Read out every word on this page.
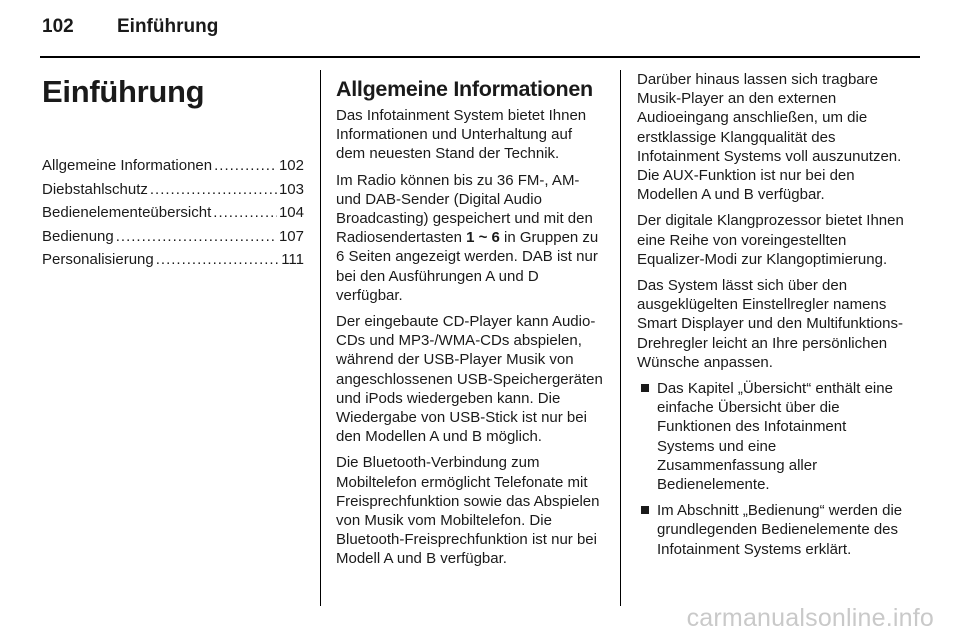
102	Einführung
Einführung
Allgemeine Informationen .....	102
Diebstahlschutz .....	103
Bedienelementeübersicht .....	104
Bedienung .....	107
Personalisierung .....	111
Allgemeine Informationen

Das Infotainment System bietet Ihnen Informationen und Unterhaltung auf dem neuesten Stand der Technik.

Im Radio können bis zu 36 FM-, AM- und DAB-Sender (Digital Audio Broadcasting) gespeichert und mit den Radiosendertasten 1 ~ 6 in Gruppen zu 6 Seiten angezeigt werden. DAB ist nur bei den Ausführungen A und D verfügbar.

Der eingebaute CD-Player kann Audio-CDs und MP3-/WMA-CDs abspielen, während der USB-Player Musik von angeschlossenen USB-Speichergeräten und iPods wiedergeben kann. Die Wiedergabe von USB-Stick ist nur bei den Modellen A und B möglich.

Die Bluetooth-Verbindung zum Mobiltelefon ermöglicht Telefonate mit Freisprechfunktion sowie das Abspielen von Musik vom Mobiltelefon. Die Bluetooth-Freisprechfunktion ist nur bei Modell A und B verfügbar.

Darüber hinaus lassen sich tragbare Musik-Player an den externen Audioeingang anschließen, um die erstklassige Klangqualität des Infotainment Systems voll auszunutzen. Die AUX-Funktion ist nur bei den Modellen A und B verfügbar.

Der digitale Klangprozessor bietet Ihnen eine Reihe von voreingestellten Equalizer-Modi zur Klangoptimierung.

Das System lässt sich über den ausgeklügelten Einstellregler namens Smart Displayer und den Multifunktions-Drehregler leicht an Ihre persönlichen Wünsche anpassen.

Das Kapitel „Übersicht“ enthält eine einfache Übersicht über die Funktionen des Infotainment Systems und eine Zusammenfassung aller Bedienelemente.
Im Abschnitt „Bedienung“ werden die grundlegenden Bedienelemente des Infotainment Systems erklärt.
carmanualsonline.info
